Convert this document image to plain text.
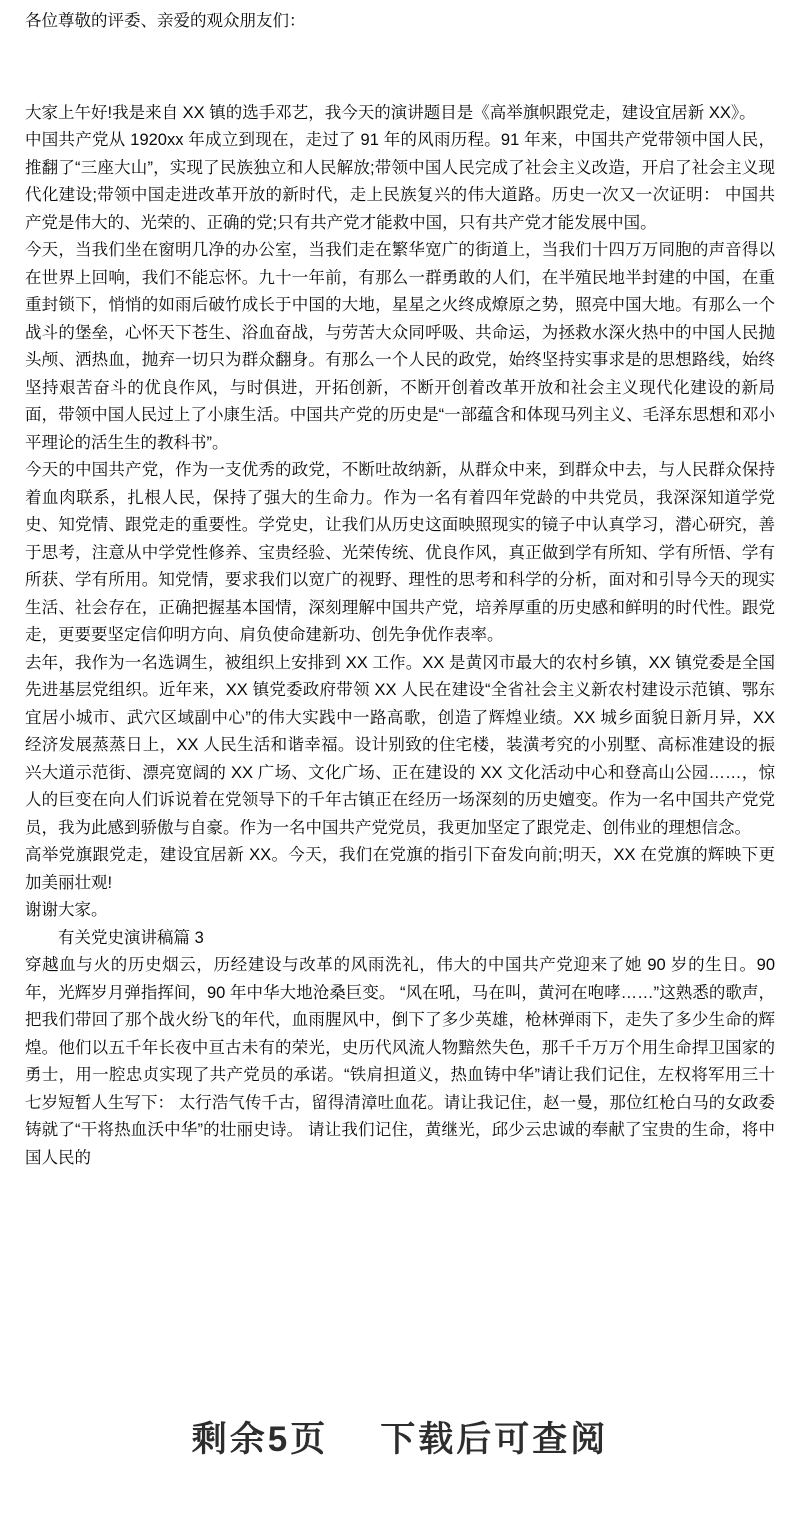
各位尊敬的评委、亲爱的观众朋友们：

大家上午好!我是来自 XX 镇的选手邓艺，我今天的演讲题目是《高举旗帜跟党走，建设宜居新 XX》。

中国共产党从 1920xx 年成立到现在，走过了 91 年的风雨历程。91 年来，中国共产党带领中国人民，推翻了“三座大山”，实现了民族独立和人民解放;带领中国人民完成了社会主义改造，开启了社会主义现代化建设;带领中国走进改革开放的新时代，走上民族复兴的伟大道路。历史一次又一次证明： 中国共产党是伟大的、光荣的、正确的党;只有共产党才能救中国，只有共产党才能发展中国。

今天，当我们坐在窗明几净的办公室，当我们走在繁华宽广的街道上，当我们十四万万同胞的声音得以在世界上回响，我们不能忘怀。九十一年前，有那么一群勇敢的人们，在半殖民地半封建的中国，在重重封锁下，悄悄的如雨后破竹成长于中国的大地，星星之火终成燎原之势，照亮中国大地。有那么一个战斗的堡垒，心怀天下苍生、浴血奋战，与劳苦大众同呼吸、共命运，为拯救水深火热中的中国人民抛头颅、洒热血，抛弃一切只为群众翻身。有那么一个人民的政党，始终坚持实事求是的思想路线，始终坚持艰苦奋斗的优良作风，与时俱进，开拓创新，不断开创着改革开放和社会主义现代化建设的新局面，带领中国人民过上了小康生活。中国共产党的历史是“一部蕴含和体现马列主义、毛泽东思想和邓小平理论的活生生的教科书”。

今天的中国共产党，作为一支优秀的政党，不断吐故纳新，从群众中来，到群众中去，与人民群众保持着血肉联系，扎根人民，保持了强大的生命力。作为一名有着四年党龄的中共党员，我深深知道学党史、知党情、跟党走的重要性。学党史，让我们从历史这面映照现实的镜子中认真学习，潜心研究，善于思考，注意从中学党性修养、宝贵经验、光荣传统、优良作风，真正做到学有所知、学有所悟、学有所获、学有所用。知党情，要求我们以宽广的视野、理性的思考和科学的分析，面对和引导今天的现实生活、社会存在，正确把握基本国情，深刻理解中国共产党，培养厚重的历史感和鲜明的时代性。跟党走，更要要坚定信仰明方向、肩负使命建新功、创先争优作表率。

去年，我作为一名选调生，被组织上安排到 XX 工作。XX 是黄冈市最大的农村乡镇，XX 镇党委是全国先进基层党组织。近年来，XX 镇党委政府带领 XX 人民在建设“全省社会主义新农村建设示范镇、鄂东宜居小城市、武穴区域副中心”的伟大实践中一路高歌，创造了辉煌业绩。XX 城乡面貌日新月异，XX 经济发展蒸蒸日上，XX 人民生活和谐幸福。设计别致的住宅楼，装潢考究的小别墅、高标准建设的振兴大道示范街、漂亮宽阔的 XX 广场、文化广场、正在建设的 XX 文化活动中心和登高山公园……，惊人的巨变在向人们诉说着在党领导下的千年古镇正在经历一场深刻的历史嬗变。作为一名中国共产党党员，我为此感到骄傲与自豪。作为一名中国共产党党员，我更加坚定了跟党走、创伟业的理想信念。

高举党旗跟党走，建设宜居新 XX。今天，我们在党旗的指引下奋发向前;明天，XX 在党旗的辉映下更加美丽壮观!

谢谢大家。

有关党史演讲稿篇 3

穿越血与火的历史烟云，历经建设与改革的风雨洗礼，伟大的中国共产党迎来了她 90 岁的生日。90 年，光辉岁月弹指挥间，90 年中华大地沧桑巨变。 “风在吼，马在叫，黄河在咆哮……”这熟悉的歌声，把我们带回了那个战火纷飞的年代，血雨腥风中，倒下了多少英雄，枪林弹雨下，走失了多少生命的辉煌。他们以五千年长夜中亘古未有的荣光，史历代风流人物黯然失色，那千千万万个用生命捍卫国家的勇士，用一腔忠贞实现了共产党员的承诺。“铁肩担道义，热血铸中华”请让我们记住，左权将军用三十七岁短暂人生写下： 太行浩气传千古，留得清漳吐血花。请让我记住，赵一曼，那位红枪白马的女政委铸就了“干将热血沃中华”的壮丽史诗。 请让我们记住，黄继光，邱少云忠诚的奉献了宝贵的生命，将中国人民的

剩余5页 下载后可查阅
